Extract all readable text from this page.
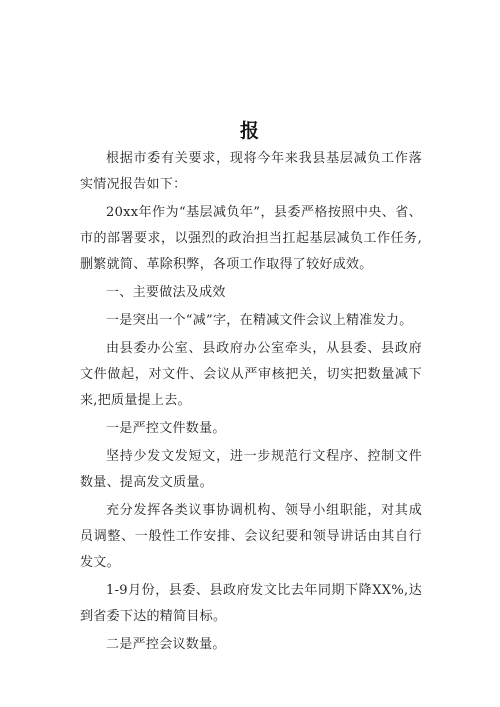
报

根据市委有关要求，现将今年来我县基层减负工作落实情况报告如下：

20xx年作为“基层减负年”，县委严格按照中央、省、市的部署要求，以强烈的政治担当扛起基层减负工作任务,删繁就简、革除积弊，各项工作取得了较好成效。

一、主要做法及成效

一是突出一个“减”字，在精减文件会议上精准发力。

由县委办公室、县政府办公室牵头，从县委、县政府文件做起，对文件、会议从严审核把关，切实把数量减下来,把质量提上去。

一是严控文件数量。

坚持少发文发短文，进一步规范行文程序、控制文件数量、提高发文质量。

充分发挥各类议事协调机构、领导小组职能，对其成员调整、一般性工作安排、会议纪要和领导讲话由其自行发文。

1-9月份，县委、县政府发文比去年同期下降XX%,达到省委下达的精简目标。

二是严控会议数量。
